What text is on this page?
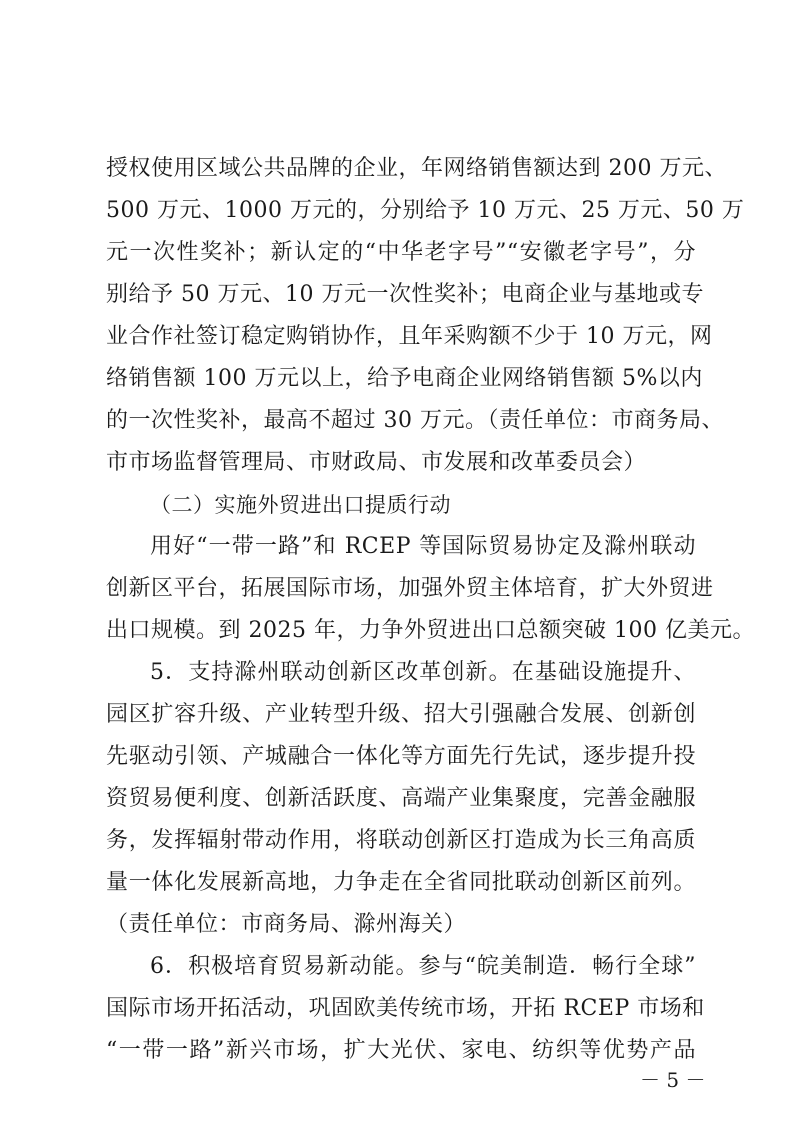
授权使用区域公共品牌的企业，年网络销售额达到 200 万元、
500 万元、1000 万元的，分别给予 10 万元、25 万元、50 万
元一次性奖补；新认定的“中华老字号”“安徽老字号”，分
别给予 50 万元、10 万元一次性奖补；电商企业与基地或专
业合作社签订稳定购销协作，且年采购额不少于 10 万元，网
络销售额 100 万元以上，给予电商企业网络销售额 5%以内
的一次性奖补，最高不超过 30 万元。（责任单位：市商务局、
市市场监督管理局、市财政局、市发展和改革委员会）
（二）实施外贸进出口提质行动
用好“一带一路”和 RCEP 等国际贸易协定及滁州联动
创新区平台，拓展国际市场，加强外贸主体培育，扩大外贸进
出口规模。到 2025 年，力争外贸进出口总额突破 100 亿美元。
5．支持滁州联动创新区改革创新。在基础设施提升、
园区扩容升级、产业转型升级、招大引强融合发展、创新创
先驱动引领、产城融合一体化等方面先行先试，逐步提升投
资贸易便利度、创新活跃度、高端产业集聚度，完善金融服
务，发挥辐射带动作用，将联动创新区打造成为长三角高质
量一体化发展新高地，力争走在全省同批联动创新区前列。
（责任单位：市商务局、滁州海关）
6．积极培育贸易新动能。参与“皖美制造．畅行全球”
国际市场开拓活动，巩固欧美传统市场，开拓 RCEP 市场和
“一带一路”新兴市场，扩大光伏、家电、纺织等优势产品
－ 5 －
